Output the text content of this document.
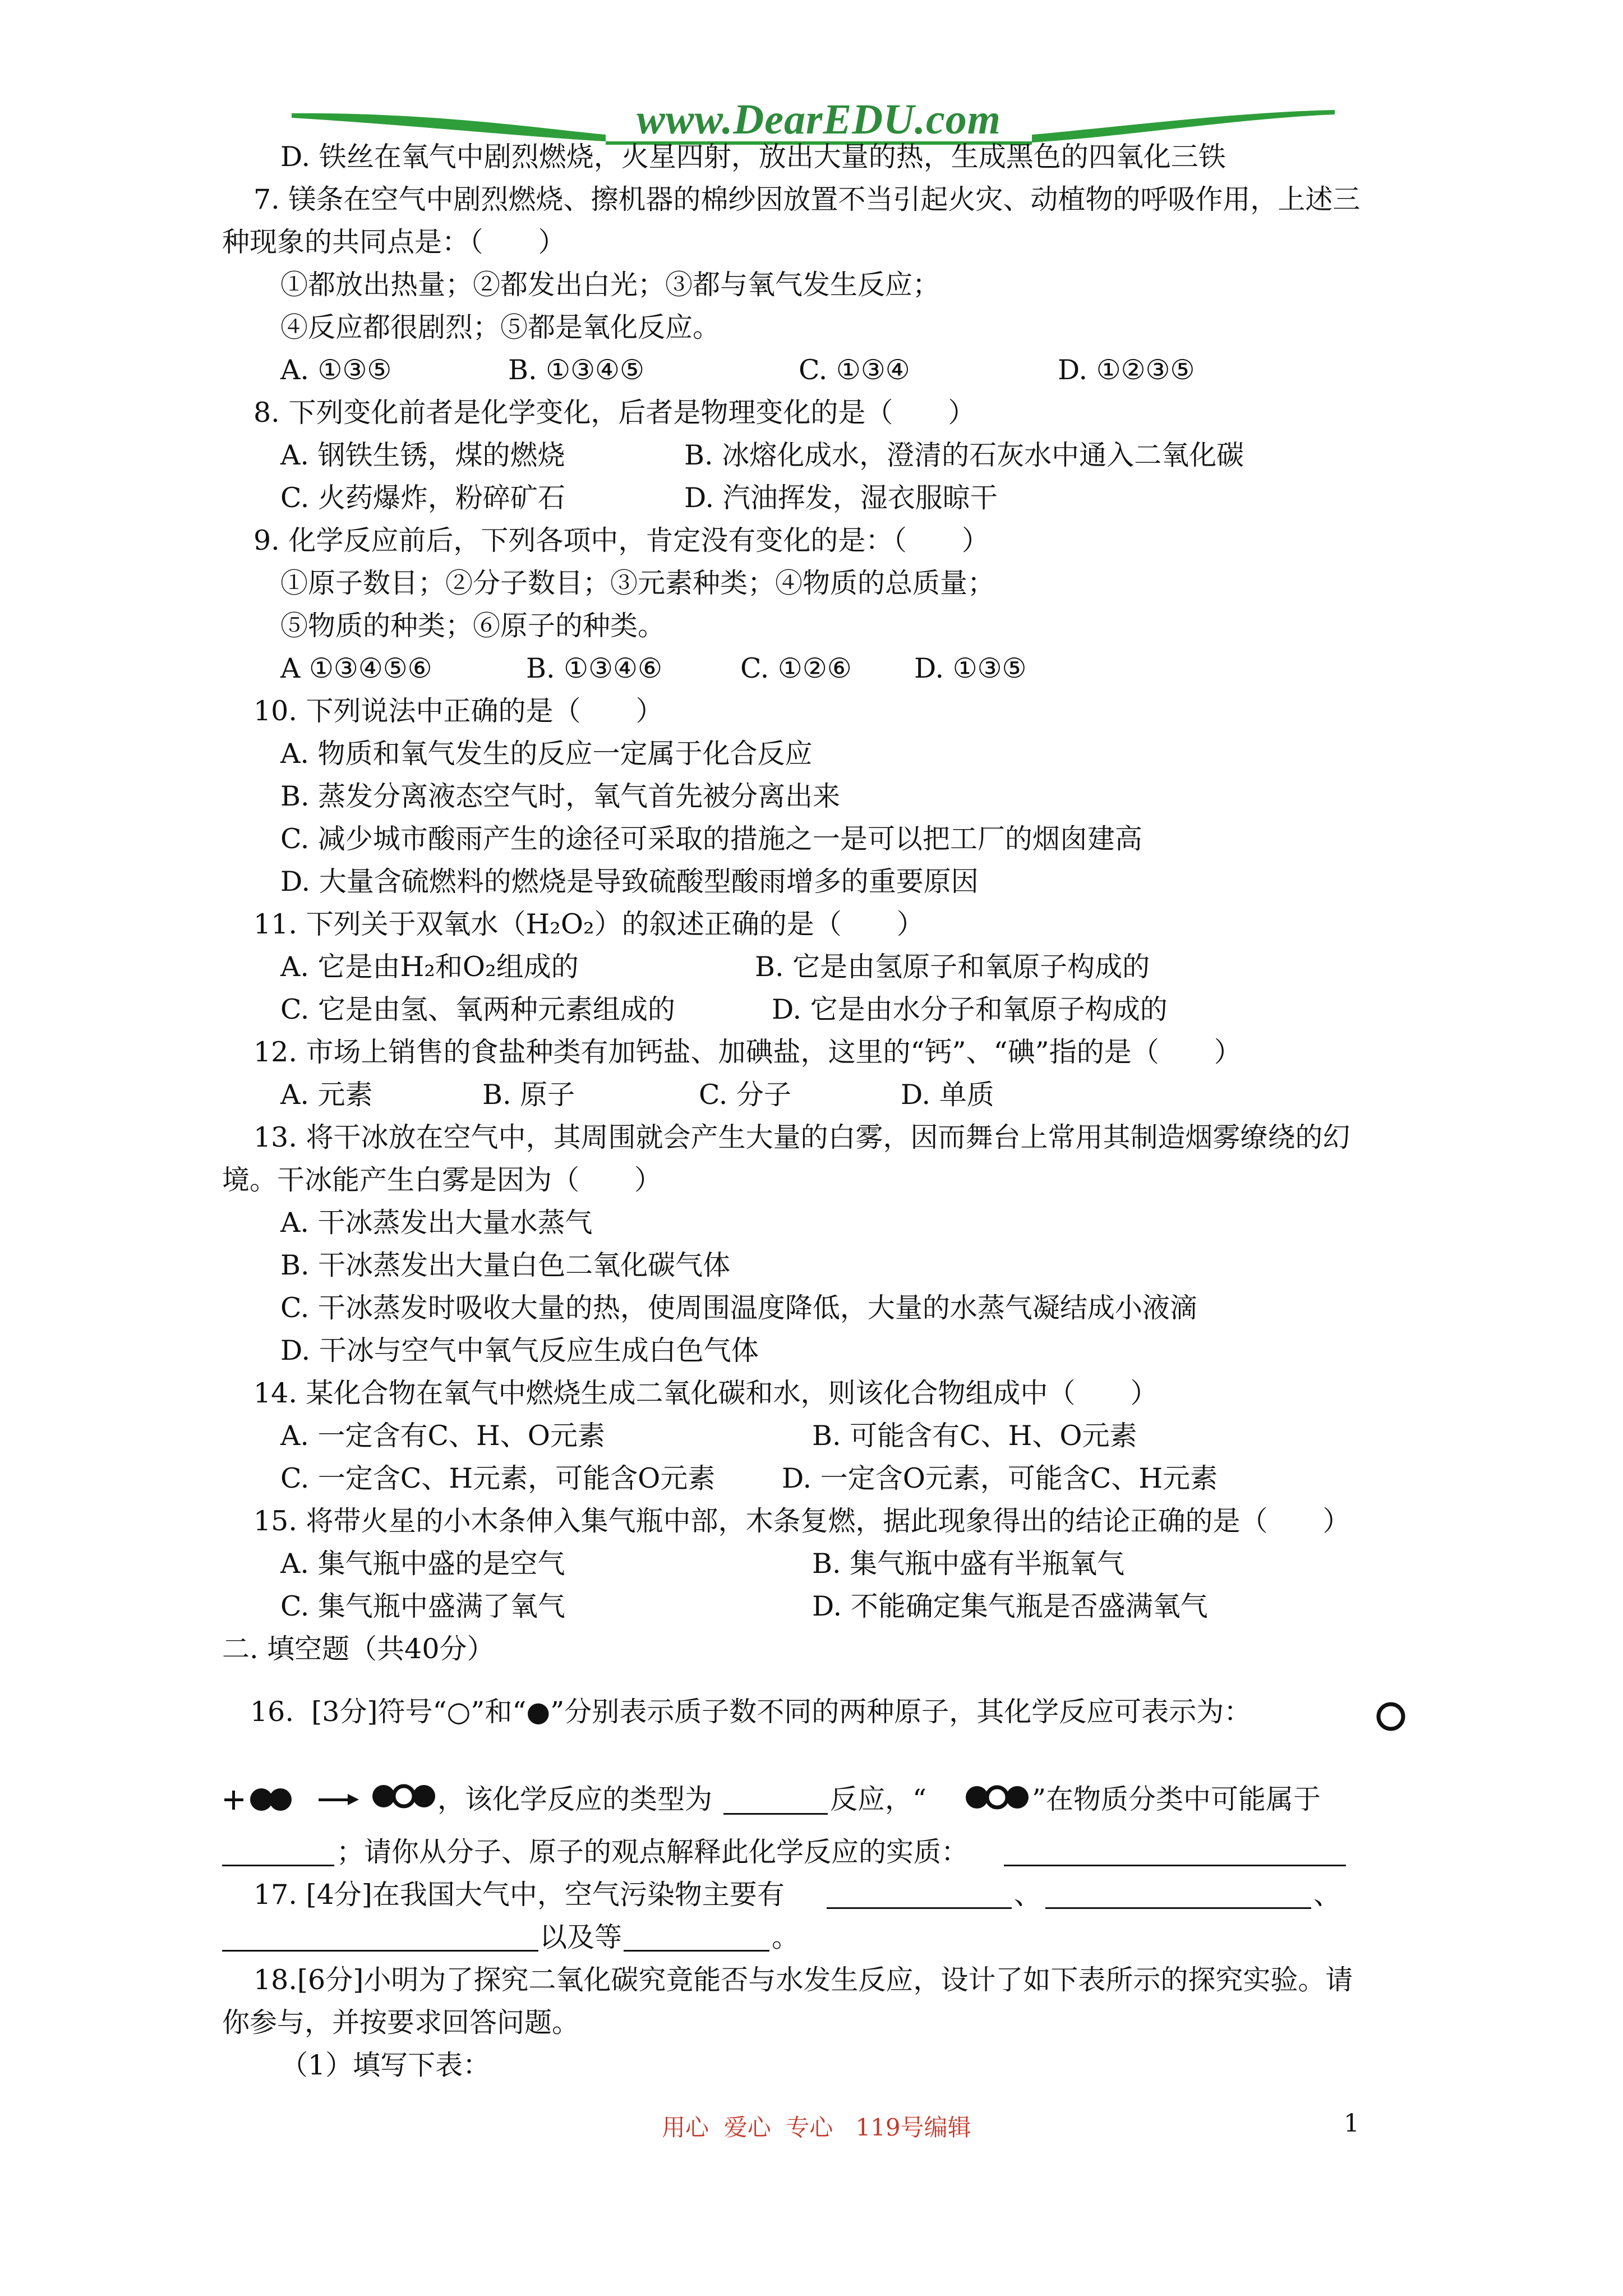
www.DearEDU.com
D. 铁丝在氧气中剧烈燃烧，火星四射，放出大量的热，生成黑色的四氧化三铁
7. 镁条在空气中剧烈燃烧、擦机器的棉纱因放置不当引起火灾、动植物的呼吸作用，上述三
种现象的共同点是：（　　）
①都放出热量；②都发出白光；③都与氧气发生反应；
④反应都很剧烈；⑤都是氧化反应。
A. ①③⑤	B. ①③④⑤	C. ①③④	D. ①②③⑤
8. 下列变化前者是化学变化，后者是物理变化的是（　　）
A. 钢铁生锈，煤的燃烧	B. 冰熔化成水，澄清的石灰水中通入二氧化碳
C. 火药爆炸，粉碎矿石	D. 汽油挥发，湿衣服晾干
9. 化学反应前后，下列各项中，肯定没有变化的是：（　　）
①原子数目；②分子数目；③元素种类；④物质的总质量；
⑤物质的种类；⑥原子的种类。
A ①③④⑤⑥	B. ①③④⑥	C. ①②⑥ D. ①③⑤
10. 下列说法中正确的是（　　）
A. 物质和氧气发生的反应一定属于化合反应
B. 蒸发分离液态空气时，氧气首先被分离出来
C. 减少城市酸雨产生的途径可采取的措施之一是可以把工厂的烟囱建高
D. 大量含硫燃料的燃烧是导致硫酸型酸雨增多的重要原因
11. 下列关于双氧水（H₂O₂）的叙述正确的是（　　）
A. 它是由H₂和O₂组成的	B. 它是由氢原子和氧原子构成的
C. 它是由氢、氧两种元素组成的	D. 它是由水分子和氧原子构成的
12. 市场上销售的食盐种类有加钙盐、加碘盐，这里的“钙”、“碘”指的是（　　）
A. 元素	B. 原子	C. 分子	D. 单质
13. 将干冰放在空气中，其周围就会产生大量的白雾，因而舞台上常用其制造烟雾缭绕的幻
境。干冰能产生白雾是因为（　　）
A. 干冰蒸发出大量水蒸气
B. 干冰蒸发出大量白色二氧化碳气体
C. 干冰蒸发时吸收大量的热，使周围温度降低，大量的水蒸气凝结成小液滴
D. 干冰与空气中氧气反应生成白色气体
14. 某化合物在氧气中燃烧生成二氧化碳和水，则该化合物组成中（　　）
A. 一定含有C、H、O元素	B. 可能含有C、H、O元素
C. 一定含C、H元素，可能含O元素 D. 一定含O元素，可能含C、H元素
15. 将带火星的小木条伸入集气瓶中部，木条复燃，据此现象得出的结论正确的是（　　）
A. 集气瓶中盛的是空气	B. 集气瓶中盛有半瓶氧气
C. 集气瓶中盛满了氧气	D. 不能确定集气瓶是否盛满氧气
二. 填空题（共40分）
16.  [3分]符号“○”和“●”分别表示质子数不同的两种原子，其化学反应可表示为：
，该化学反应的类型为	反应，“	”在物质分类中可能属于
；请你从分子、原子的观点解释此化学反应的实质：
17. [4分]在我国大气中，空气污染物主要有	、	、
以及等	。
18.[6分]小明为了探究二氧化碳究竟能否与水发生反应，设计了如下表所示的探究实验。请
你参与，并按要求回答问题。
（1）填写下表：
用心  爱心  专心   119号编辑	1
